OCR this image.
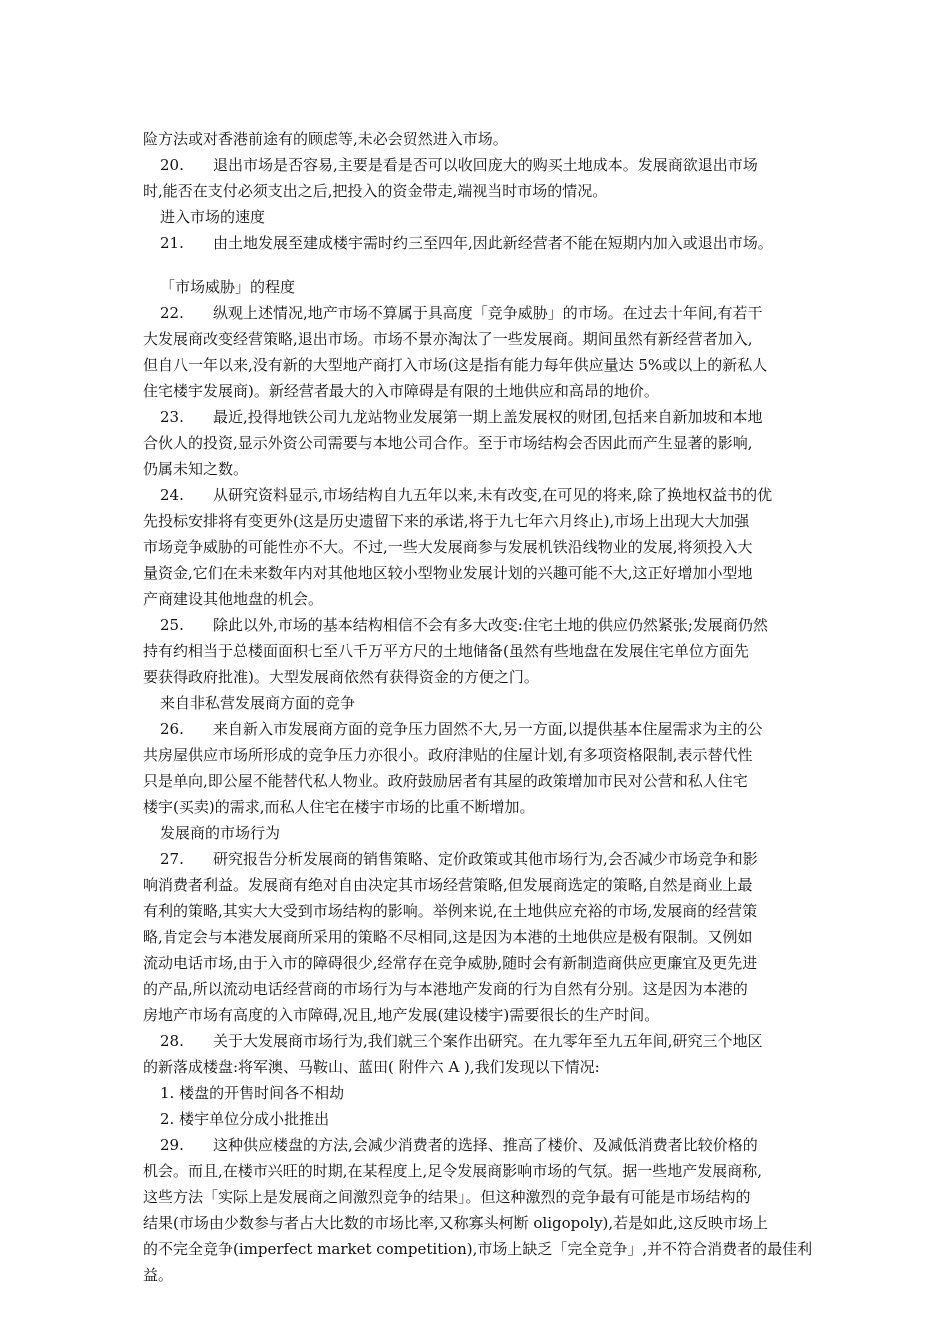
险方法或对香港前途有的顾虑等,未必会贸然进入市场。
20.	退出市场是否容易,主要是看是否可以收回庞大的购买土地成本。发展商欲退出市场
时,能否在支付必须支出之后,把投入的资金带走,端视当时市场的情况。
进入市场的速度
21.	由土地发展至建成楼宇需时约三至四年,因此新经营者不能在短期内加入或退出市场。
「市场威胁」的程度
22.	纵观上述情况,地产市场不算属于具高度「竞争威胁」的市场。在过去十年间,有若干
大发展商改变经营策略,退出市场。市场不景亦淘汰了一些发展商。期间虽然有新经营者加入,
但自八一年以来,没有新的大型地产商打入市场(这是指有能力每年供应量达 5%或以上的新私人
住宅楼宇发展商)。新经营者最大的入市障碍是有限的土地供应和高昂的地价。
23.	最近,投得地铁公司九龙站物业发展第一期上盖发展权的财团,包括来自新加坡和本地
合伙人的投资,显示外资公司需要与本地公司合作。至于市场结构会否因此而产生显著的影响,
仍属未知之数。
24.	从研究资料显示,市场结构自九五年以来,未有改变,在可见的将来,除了换地权益书的优
先投标安排将有变更外(这是历史遗留下来的承诺,将于九七年六月终止),市场上出现大大加强
市场竞争威胁的可能性亦不大。不过,一些大发展商参与发展机铁沿线物业的发展,将须投入大
量资金,它们在未来数年内对其他地区较小型物业发展计划的兴趣可能不大,这正好增加小型地
产商建设其他地盘的机会。
25.	除此以外,市场的基本结构相信不会有多大改变:住宅土地的供应仍然紧张;发展商仍然
持有约相当于总楼面面积七至八千万平方尺的土地储备(虽然有些地盘在发展住宅单位方面先
要获得政府批准)。大型发展商依然有获得资金的方便之门。
来自非私营发展商方面的竞争
26.	来自新入市发展商方面的竞争压力固然不大,另一方面,以提供基本住屋需求为主的公
共房屋供应市场所形成的竞争压力亦很小。政府津贴的住屋计划,有多项资格限制,表示替代性
只是单向,即公屋不能替代私人物业。政府鼓励居者有其屋的政策增加市民对公营和私人住宅
楼宇(买卖)的需求,而私人住宅在楼宇市场的比重不断增加。
发展商的市场行为
27.	研究报告分析发展商的销售策略、定价政策或其他市场行为,会否减少市场竞争和影
响消费者利益。发展商有绝对自由决定其市场经营策略,但发展商选定的策略,自然是商业上最
有利的策略,其实大大受到市场结构的影响。举例来说,在土地供应充裕的市场,发展商的经营策
略,肯定会与本港发展商所采用的策略不尽相同,这是因为本港的土地供应是极有限制。又例如
流动电话市场,由于入市的障碍很少,经常存在竞争威胁,随时会有新制造商供应更廉宜及更先进
的产品,所以流动电话经营商的市场行为与本港地产发商的行为自然有分别。这是因为本港的
房地产市场有高度的入市障碍,况且,地产发展(建设楼宇)需要很长的生产时间。
28.	关于大发展商市场行为,我们就三个案作出研究。在九零年至九五年间,研究三个地区
的新落成楼盘:将军澳、马鞍山、蓝田( 附件六 A ),我们发现以下情况:
1. 楼盘的开售时间各不相劫
2. 楼宇单位分成小批推出
29.	这种供应楼盘的方法,会减少消费者的选择、推高了楼价、及减低消费者比较价格的
机会。而且,在楼市兴旺的时期,在某程度上,足令发展商影响市场的气氛。据一些地产发展商称,
这些方法「实际上是发展商之间激烈竞争的结果」。但这种激烈的竞争最有可能是市场结构的
结果(市场由少数参与者占大比数的市场比率,又称寡头柯断 oligopoly),若是如此,这反映市场上
的不完全竞争(imperfect market competition),市场上缺乏「完全竞争」,并不符合消费者的最佳利
益。
